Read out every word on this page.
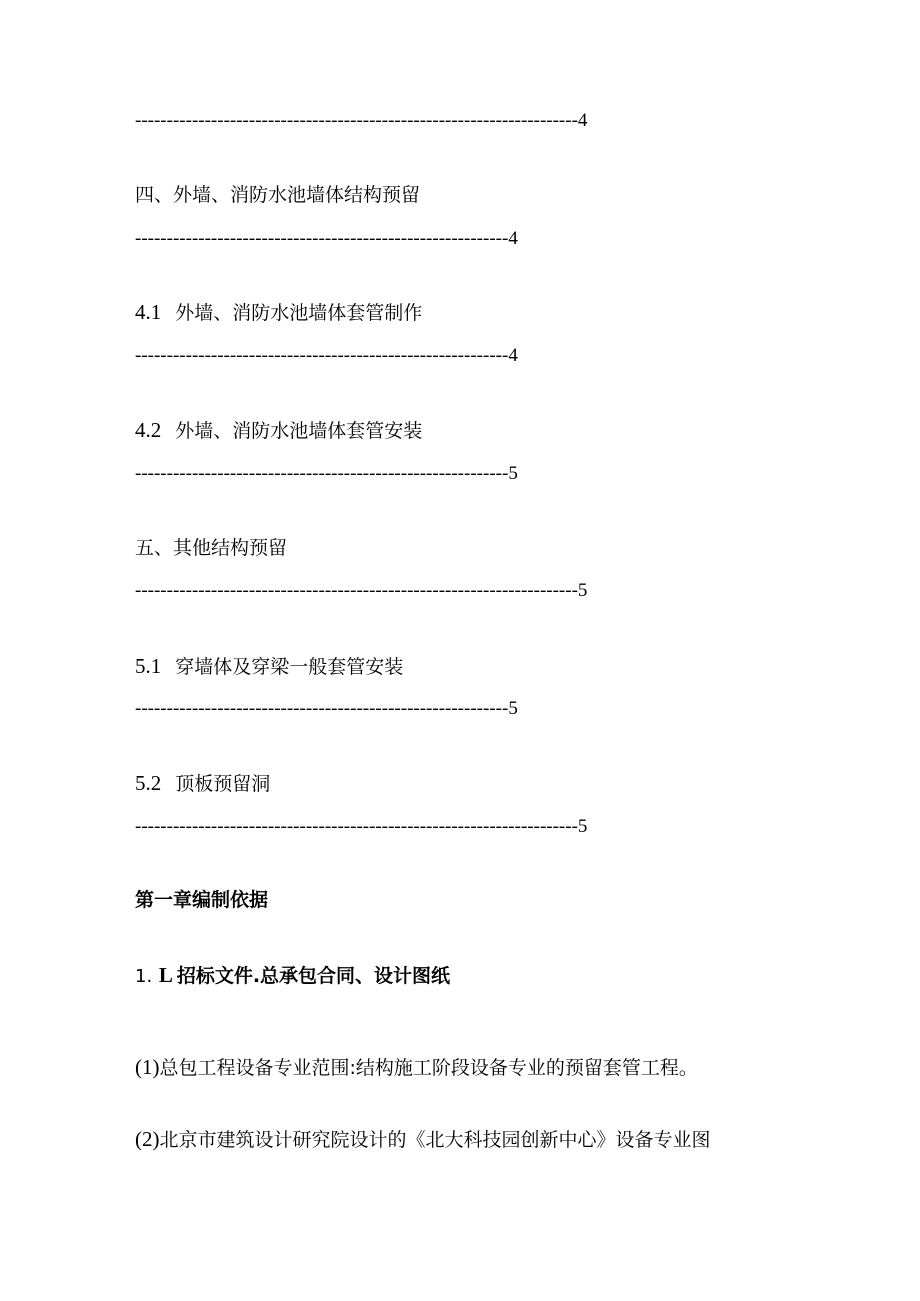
----------------------------------------------------------------------4
四、外墙、消防水池墙体结构预留
-----------------------------------------------------------4
4.1 外墙、消防水池墙体套管制作
-----------------------------------------------------------4
4.2 外墙、消防水池墙体套管安装
-----------------------------------------------------------5
五、其他结构预留
----------------------------------------------------------------------5
5.1 穿墙体及穿梁一般套管安装
-----------------------------------------------------------5
5.2 顶板预留洞
----------------------------------------------------------------------5
第一章编制依据
1. L 招标文件.总承包合同、设计图纸
(1)总包工程设备专业范围:结构施工阶段设备专业的预留套管工程。
(2)北京市建筑设计研究院设计的《北大科技园创新中心》设备专业图
